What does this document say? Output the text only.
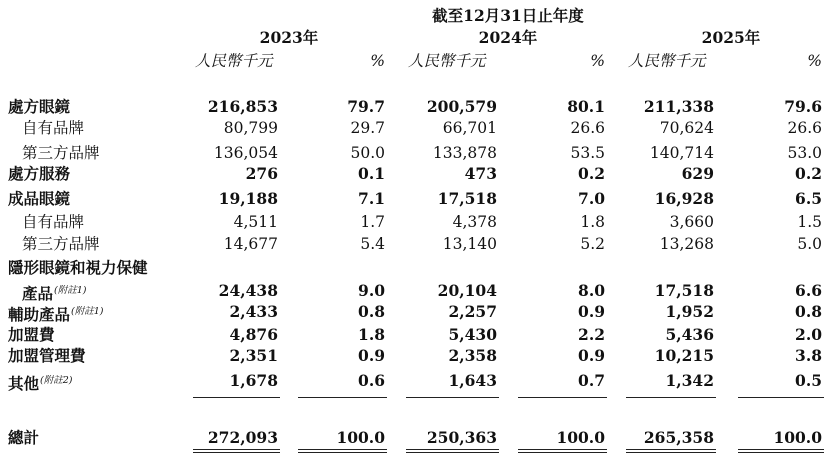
截至12月31日止年度
2023年
人民幣千元	%
2024年
人民幣千元	%
2025年
人民幣千元	%
處方眼鏡	216,853	79.7	200,579	80.1	211,338	79.6
自有品牌	80,799	29.7	66,701	26.6	70,624	26.6
第三方品牌	136,054	50.0	133,878	53.5	140,714	53.0
處方服務	276	0.1	473	0.2	629	0.2
成品眼鏡	19,188	7.1	17,518	7.0	16,928	6.5
自有品牌	4,511	1.7	4,378	1.8	3,660	1.5
第三方品牌	14,677	5.4	13,140	5.2	13,268	5.0
隱形眼鏡和視力保健
產品$^{(附註1)}$	24,438	9.0	20,104	8.0	17,518	6.6
輔助產品$^{(附註1)}$	2,433	0.8	2,257	0.9	1,952	0.8
加盟費	4,876	1.8	5,430	2.2	5,436	2.0
加盟管理費	2,351	0.9	2,358	0.9	10,215	3.8
其他$^{(附註2)}$	1,678	0.6	1,643	0.7	1,342	0.5
總計	272,093	100.0	250,363	100.0	265,358	100.0
